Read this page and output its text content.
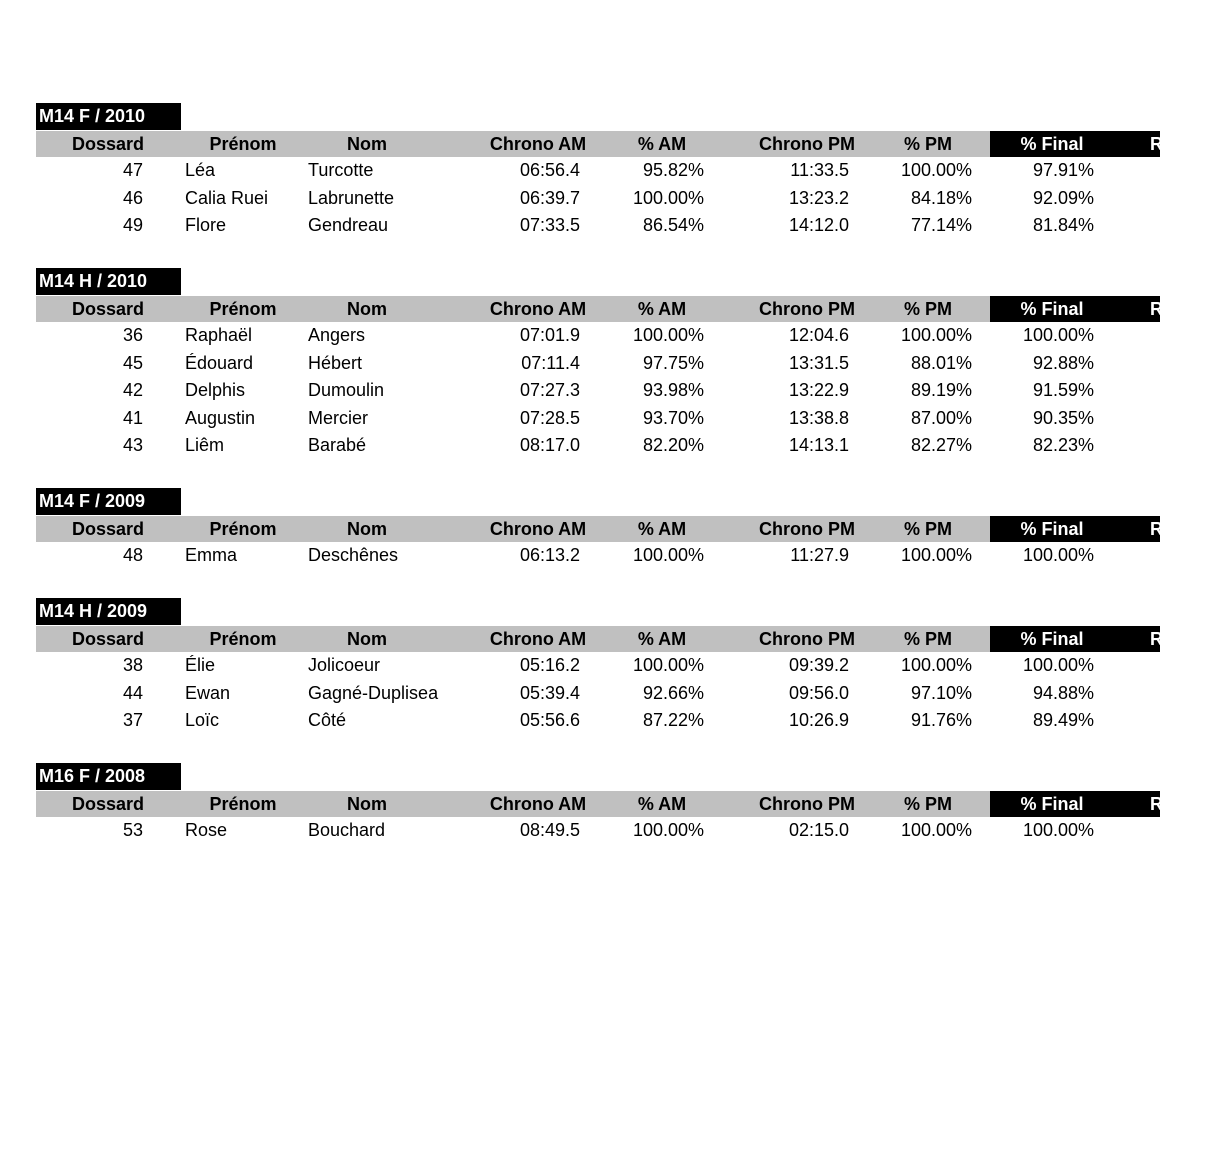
M14 F / 2010
Dossard	Prénom	Nom	Chrono AM	% AM	Chrono PM	% PM	% Final	R
47 Léa	Turcotte	06:56.4	95.82%	11:33.5	100.00%	97.91%
46 Calia Ruei	Labrunette	06:39.7	100.00%	13:23.2	84.18%	92.09%
49 Flore	Gendreau	07:33.5	86.54%	14:12.0	77.14%	81.84%
M14 H / 2010
Dossard	Prénom	Nom	Chrono AM	% AM	Chrono PM	% PM	% Final	R
36 Raphaël	Angers	07:01.9	100.00%	12:04.6	100.00%	100.00%
45 Édouard	Hébert	07:11.4	97.75%	13:31.5	88.01%	92.88%
42 Delphis	Dumoulin	07:27.3	93.98%	13:22.9	89.19%	91.59%
41 Augustin	Mercier	07:28.5	93.70%	13:38.8	87.00%	90.35%
43 Liêm	Barabé	08:17.0	82.20%	14:13.1	82.27%	82.23%
M14 F / 2009
Dossard	Prénom	Nom	Chrono AM	% AM	Chrono PM	% PM	% Final	R
48 Emma	Deschênes	06:13.2	100.00%	11:27.9	100.00%	100.00%
M14 H / 2009
Dossard	Prénom	Nom	Chrono AM	% AM	Chrono PM	% PM	% Final	R
38 Élie	Jolicoeur	05:16.2	100.00%	09:39.2	100.00%	100.00%
44 Ewan	Gagné-Duplisea	05:39.4	92.66%	09:56.0	97.10%	94.88%
37 Loïc	Côté	05:56.6	87.22%	10:26.9	91.76%	89.49%
M16 F / 2008
Dossard	Prénom	Nom	Chrono AM	% AM	Chrono PM	% PM	% Final	R
53 Rose	Bouchard	08:49.5	100.00%	02:15.0	100.00%	100.00%
